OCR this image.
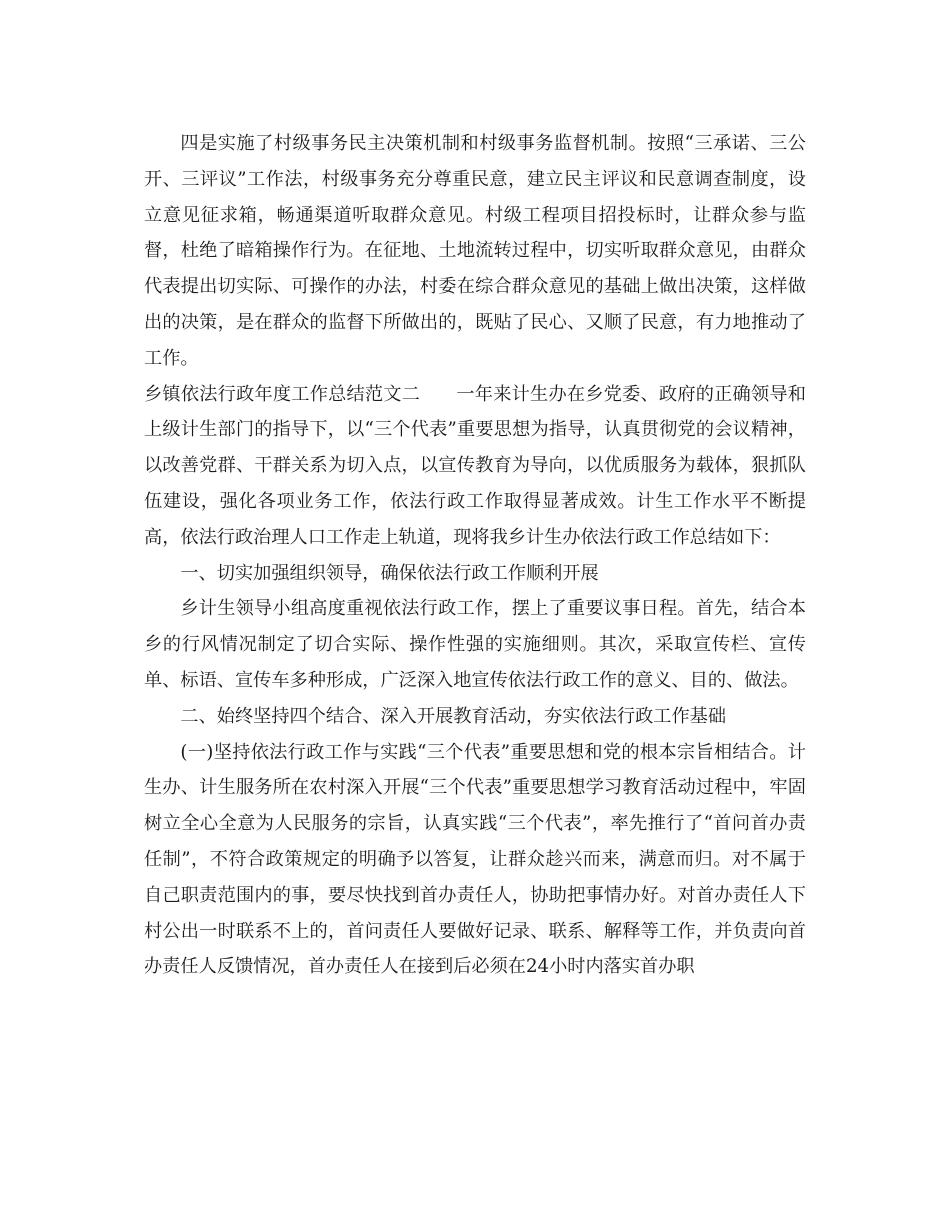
四是实施了村级事务民主决策机制和村级事务监督机制。按照“三承诺、三公开、三评议”工作法，村级事务充分尊重民意，建立民主评议和民意调查制度，设立意见征求箱，畅通渠道听取群众意见。村级工程项目招投标时，让群众参与监督，杜绝了暗箱操作行为。在征地、土地流转过程中，切实听取群众意见，由群众代表提出切实际、可操作的办法，村委在综合群众意见的基础上做出决策，这样做出的决策，是在群众的监督下所做出的，既贴了民心、又顺了民意，有力地推动了工作。

乡镇依法行政年度工作总结范文二 一年来计生办在乡党委、政府的正确领导和上级计生部门的指导下，以“三个代表”重要思想为指导，认真贯彻党的会议精神，以改善党群、干群关系为切入点，以宣传教育为导向，以优质服务为载体，狠抓队伍建设，强化各项业务工作，依法行政工作取得显著成效。计生工作水平不断提高，依法行政治理人口工作走上轨道，现将我乡计生办依法行政工作总结如下：

一、切实加强组织领导，确保依法行政工作顺利开展

乡计生领导小组高度重视依法行政工作，摆上了重要议事日程。首先，结合本乡的行风情况制定了切合实际、操作性强的实施细则。其次，采取宣传栏、宣传单、标语、宣传车多种形成，广泛深入地宣传依法行政工作的意义、目的、做法。

二、始终坚持四个结合、深入开展教育活动，夯实依法行政工作基础

(一)坚持依法行政工作与实践“三个代表”重要思想和党的根本宗旨相结合。计生办、计生服务所在农村深入开展“三个代表”重要思想学习教育活动过程中，牢固树立全心全意为人民服务的宗旨，认真实践“三个代表”，率先推行了“首问首办责任制”，不符合政策规定的明确予以答复，让群众趁兴而来，满意而归。对不属于自己职责范围内的事，要尽快找到首办责任人，协助把事情办好。对首办责任人下村公出一时联系不上的，首问责任人要做好记录、联系、解释等工作，并负责向首办责任人反馈情况，首办责任人在接到后必须在24小时内落实首办职
